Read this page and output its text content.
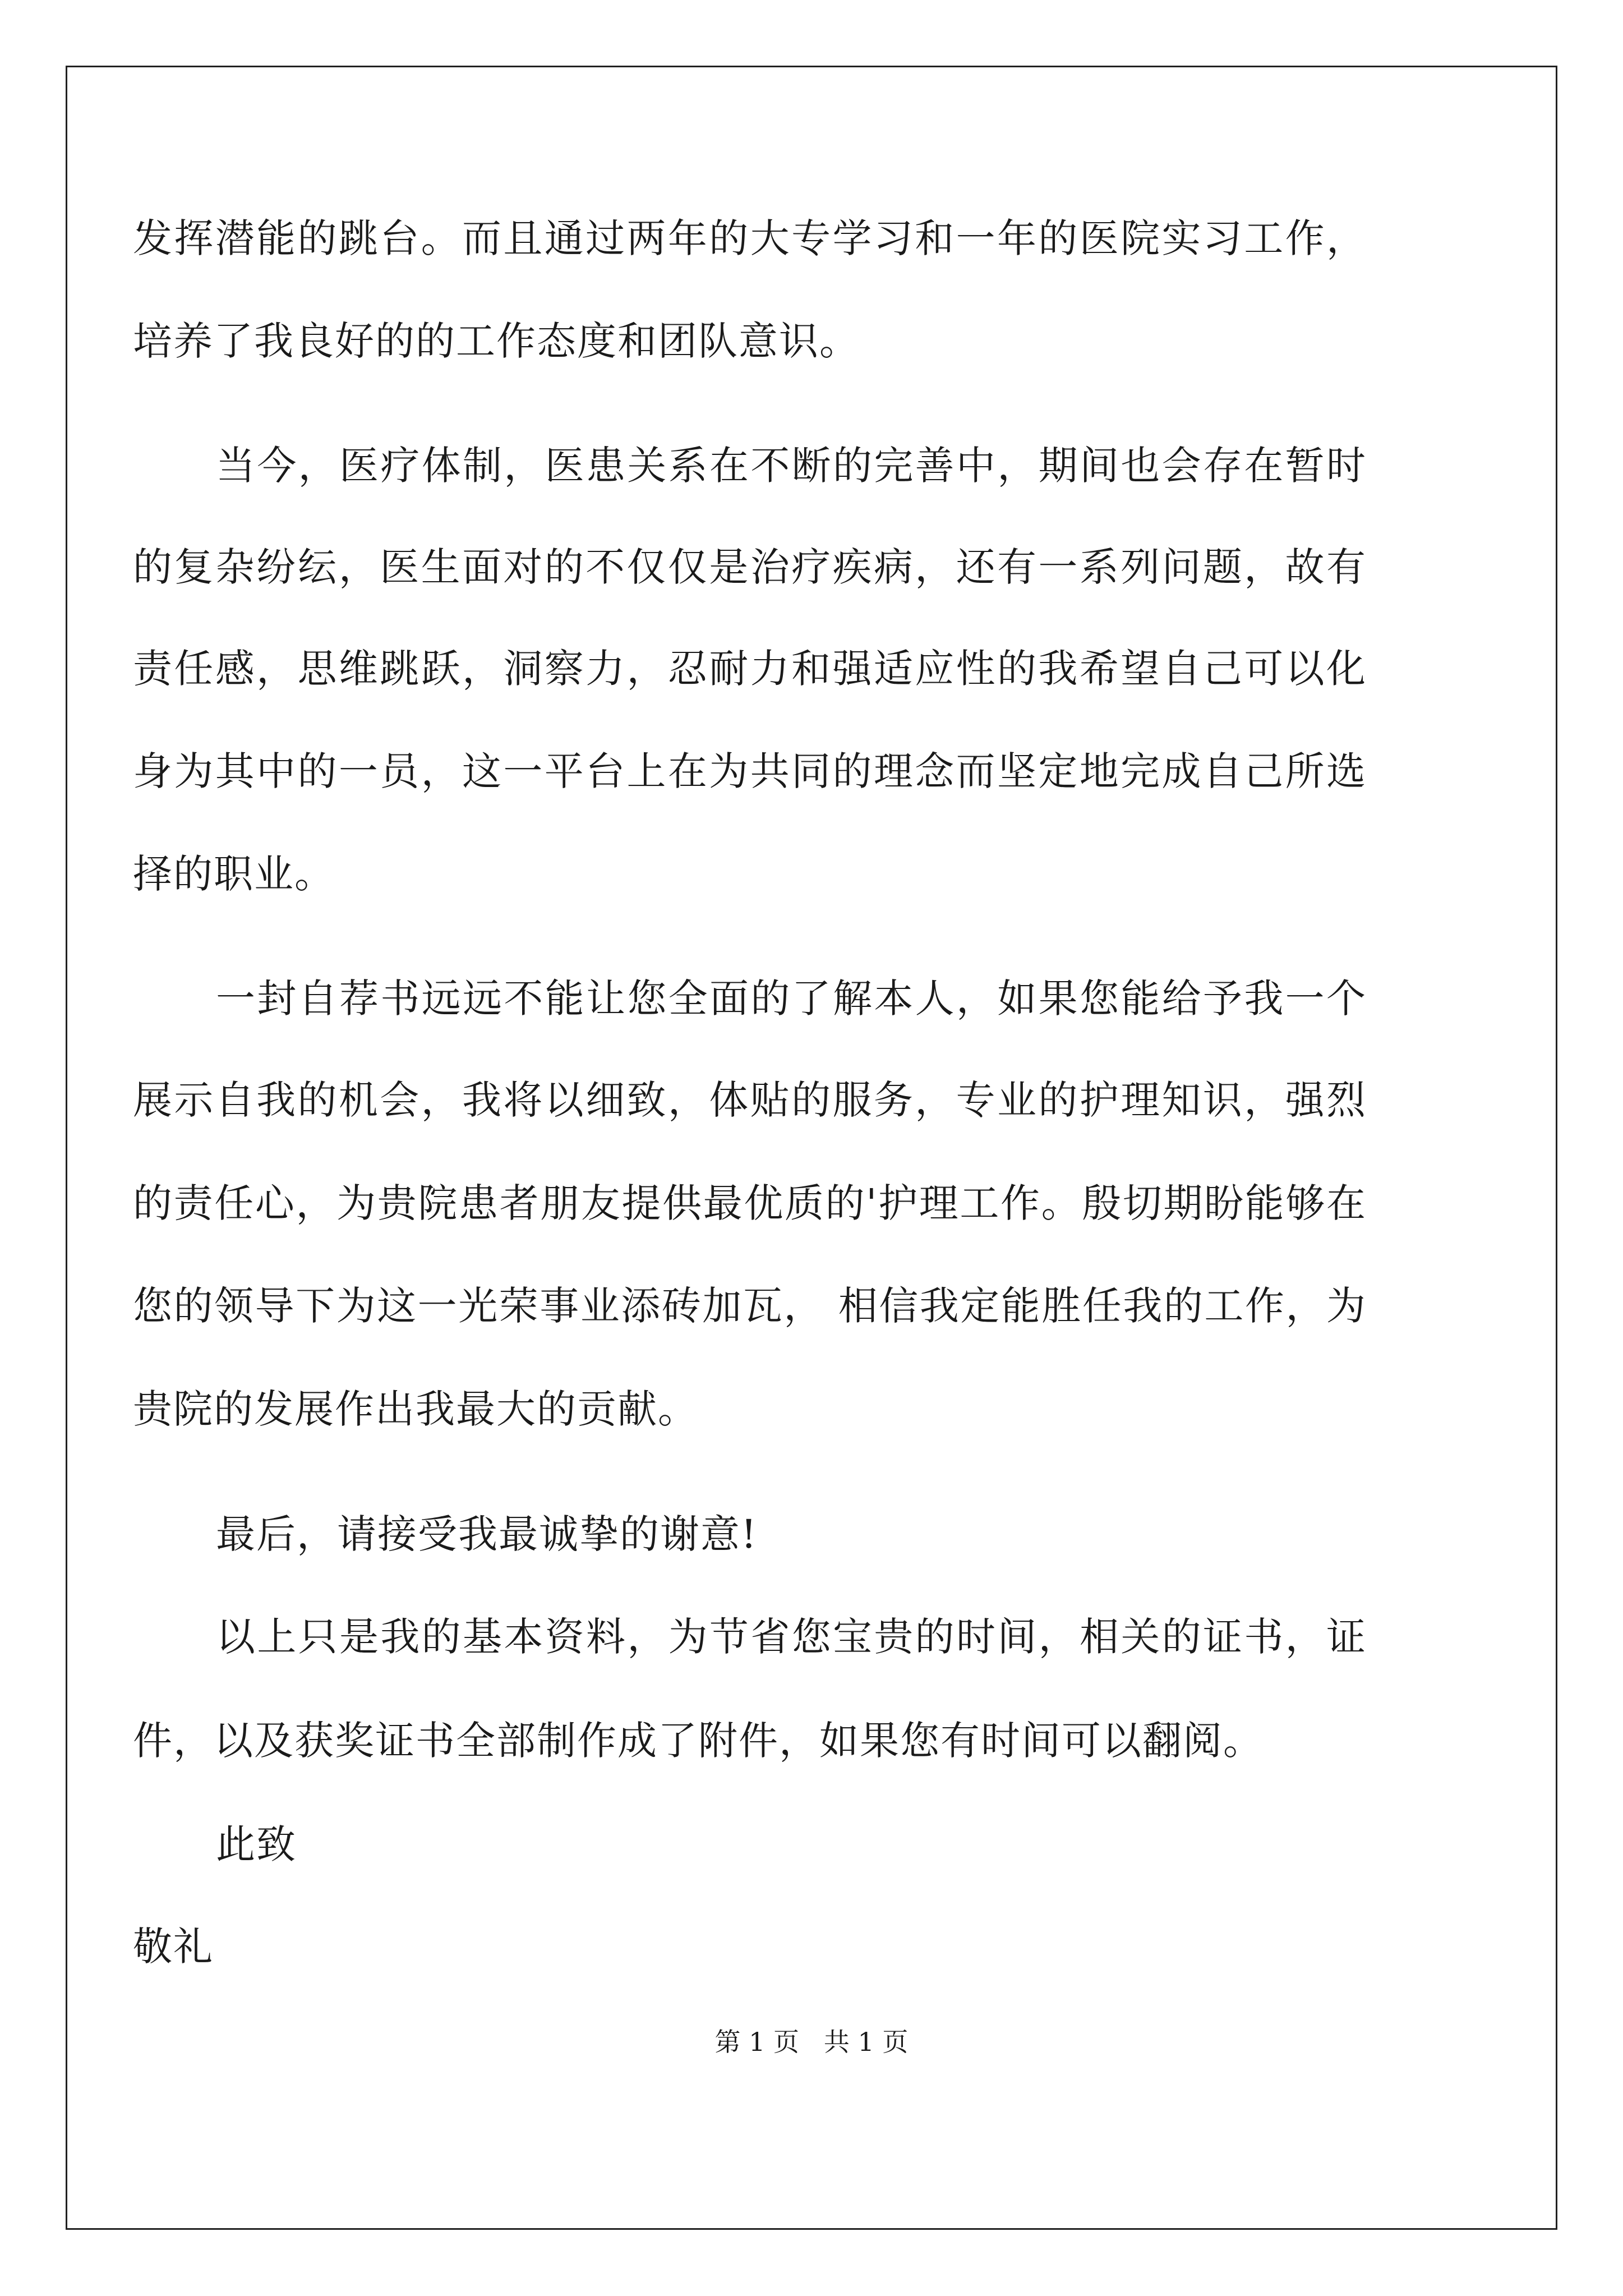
发挥潜能的跳台。而且通过两年的大专学习和一年的医院实习工作，
培养了我良好的的工作态度和团队意识。
当今，医疗体制，医患关系在不断的完善中，期间也会存在暂时
的复杂纷纭，医生面对的不仅仅是治疗疾病，还有一系列问题，故有
责任感，思维跳跃，洞察力，忍耐力和强适应性的我希望自己可以化
身为其中的一员，这一平台上在为共同的理念而坚定地完成自己所选
择的职业。
一封自荐书远远不能让您全面的了解本人，如果您能给予我一个
展示自我的机会，我将以细致，体贴的服务，专业的护理知识，强烈
的责任心，为贵院患者朋友提供最优质的'护理工作。殷切期盼能够在
您的领导下为这一光荣事业添砖加瓦， 相信我定能胜任我的工作，为
贵院的发展作出我最大的贡献。
最后，请接受我最诚挚的谢意!
以上只是我的基本资料，为节省您宝贵的时间，相关的证书，证
件，以及获奖证书全部制作成了附件，如果您有时间可以翻阅。
此致
敬礼
第 1 页   共 1 页
